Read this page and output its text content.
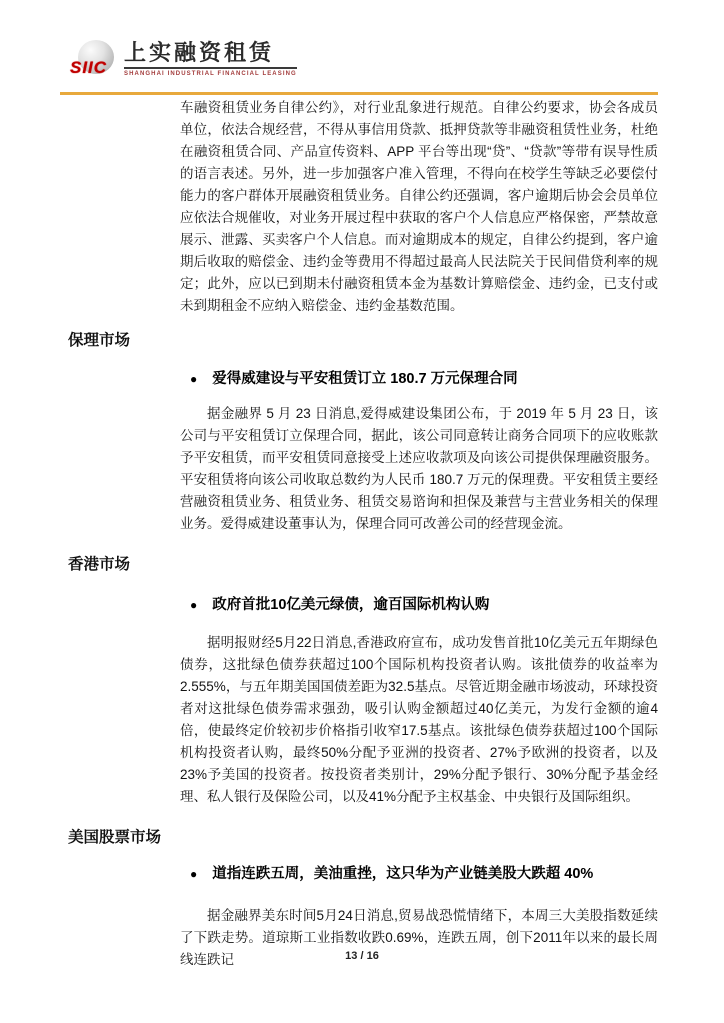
SIIC
上实融资租赁
SHANGHAI INDUSTRIAL FINANCIAL LEASING

车融资租赁业务自律公约》，对行业乱象进行规范。自律公约要求，协会各成员单位，依法合规经营，不得从事信用贷款、抵押贷款等非融资租赁性业务，杜绝在融资租赁合同、产品宣传资料、APP 平台等出现“贷”、“贷款”等带有误导性质的语言表述。另外，进一步加强客户准入管理，不得向在校学生等缺乏必要偿付能力的客户群体开展融资租赁业务。自律公约还强调，客户逾期后协会会员单位应依法合规催收，对业务开展过程中获取的客户个人信息应严格保密，严禁故意展示、泄露、买卖客户个人信息。而对逾期成本的规定，自律公约提到，客户逾期后收取的赔偿金、违约金等费用不得超过最高人民法院关于民间借贷利率的规定；此外，应以已到期未付融资租赁本金为基数计算赔偿金、违约金，已支付或未到期租金不应纳入赔偿金、违约金基数范围。

保理市场
● 爱得威建设与平安租赁订立 180.7 万元保理合同

据金融界 5 月 23 日消息,爱得威建设集团公布，于 2019 年 5 月 23 日，该公司与平安租赁订立保理合同，据此，该公司同意转让商务合同项下的应收账款予平安租赁，而平安租赁同意接受上述应收款项及向该公司提供保理融资服务。平安租赁将向该公司收取总数约为人民币 180.7 万元的保理费。平安租赁主要经营融资租赁业务、租赁业务、租赁交易谘询和担保及兼营与主营业务相关的保理业务。爱得威建设董事认为，保理合同可改善公司的经营现金流。

香港市场
● 政府首批10亿美元绿债，逾百国际机构认购

据明报财经5月22日消息,香港政府宣布，成功发售首批10亿美元五年期绿色债券，这批绿色债券获超过100个国际机构投资者认购。该批债券的收益率为2.555%，与五年期美国国债差距为32.5基点。尽管近期金融市场波动，环球投资者对这批绿色债券需求强劲，吸引认购金额超过40亿美元，为发行金额的逾4倍，使最终定价较初步价格指引收窄17.5基点。该批绿色债券获超过100个国际机构投资者认购，最终50%分配予亚洲的投资者、27%予欧洲的投资者，以及23%予美国的投资者。按投资者类别计，29%分配予银行、30%分配予基金经理、私人银行及保险公司，以及41%分配予主权基金、中央银行及国际组织。

美国股票市场
● 道指连跌五周，美油重挫，这只华为产业链美股大跌超 40%

据金融界美东时间5月24日消息,贸易战恐慌情绪下，本周三大美股指数延续了下跌走势。道琼斯工业指数收跌0.69%，连跌五周，创下2011年以来的最长周线连跌记	13 / 16
